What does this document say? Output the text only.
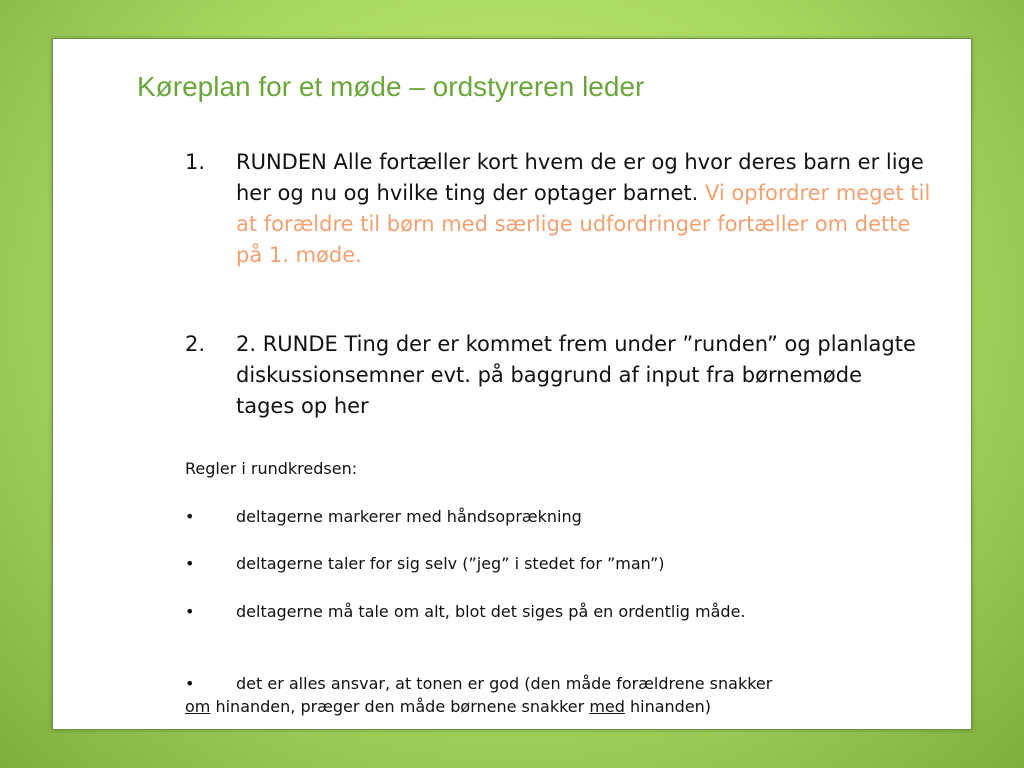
Køreplan for et møde – ordstyreren leder
1. RUNDEN Alle fortæller kort hvem de er og hvor deres barn er lige her og nu og hvilke ting der optager barnet. Vi opfordrer meget til at forældre til børn med særlige udfordringer fortæller om dette på 1. møde.
2. 2. RUNDE Ting der er kommet frem under ”runden” og planlagte diskussionsemner evt. på baggrund af input fra børnemøde tages op her
Regler i rundkredsen:
•	deltagerne markerer med håndsoprækning
•	deltagerne taler for sig selv (”jeg” i stedet for ”man”)
•	deltagerne må tale om alt, blot det siges på en ordentlig måde.
•	det er alles ansvar, at tonen er god (den måde forældrene snakker
om hinanden, præger den måde børnene snakker med hinanden)
